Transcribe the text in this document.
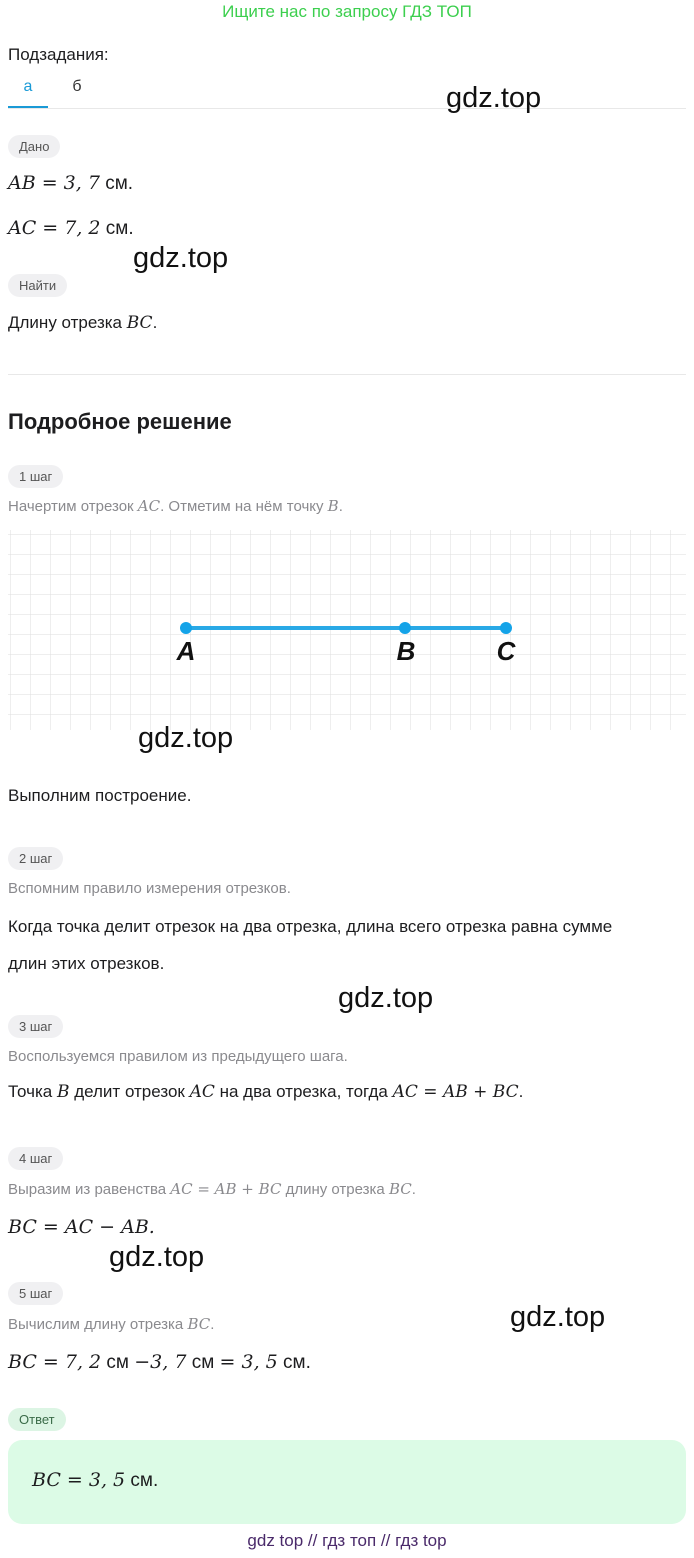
Ищите нас по запросу ГДЗ ТОП
Подзадания:
а	б
Дано
AB = 3, 7 см.
AC = 7, 2 см.
Найти
Длину отрезка BC.
Подробное решение
1 шаг
Начертим отрезок AC. Отметим на нём точку B.
A	B	C
Выполним построение.
2 шаг
Вспомним правило измерения отрезков.
Когда точка делит отрезок на два отрезка, длина всего отрезка равна сумме
длин этих отрезков.
3 шаг
Воспользуемся правилом из предыдущего шага.
Точка B делит отрезок AC на два отрезка, тогда AC = AB + BC.
4 шаг
Выразим из равенства AC = AB + BC длину отрезка BC.
BC = AC − AB.
5 шаг
Вычислим длину отрезка BC.
BC = 7, 2 см −3, 7 см = 3, 5 см.
Ответ
BC = 3, 5 см.
gdz.top
gdz.top
gdz.top
gdz.top
gdz.top
gdz.top
gdz top // гдз топ // гдз top
